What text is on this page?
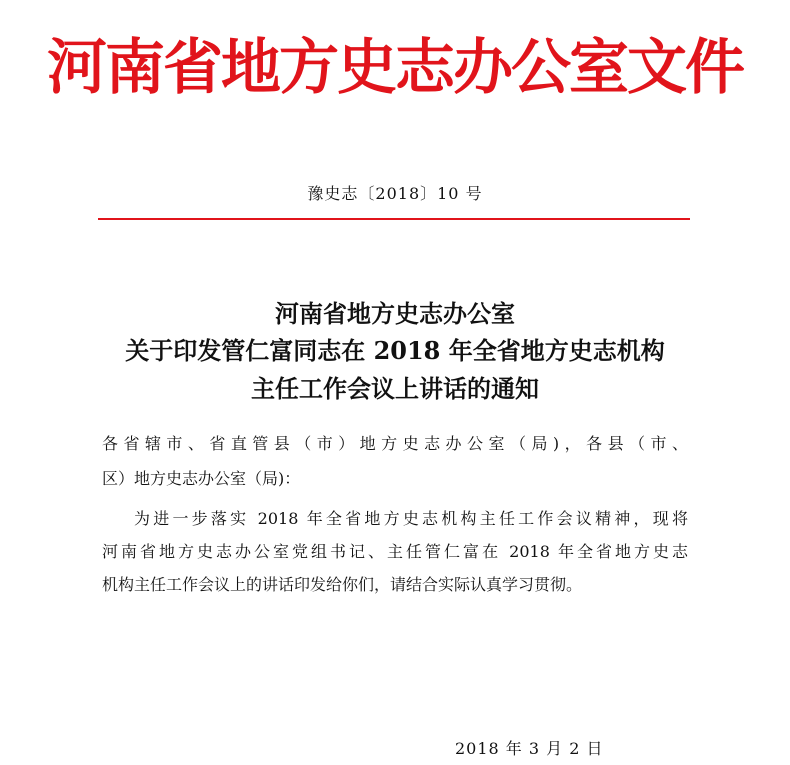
河南省地方史志办公室文件
豫史志〔2018〕10 号
河南省地方史志办公室
关于印发管仁富同志在 2018 年全省地方史志机构
主任工作会议上讲话的通知
各省辖市、省直管县（市）地方史志办公室（局)，各县（市、
区）地方史志办公室（局)：
为进一步落实 2018 年全省地方史志机构主任工作会议精神，现将
河南省地方史志办公室党组书记、主任管仁富在 2018 年全省地方史志
机构主任工作会议上的讲话印发给你们，请结合实际认真学习贯彻。
2018 年 3 月 2 日
